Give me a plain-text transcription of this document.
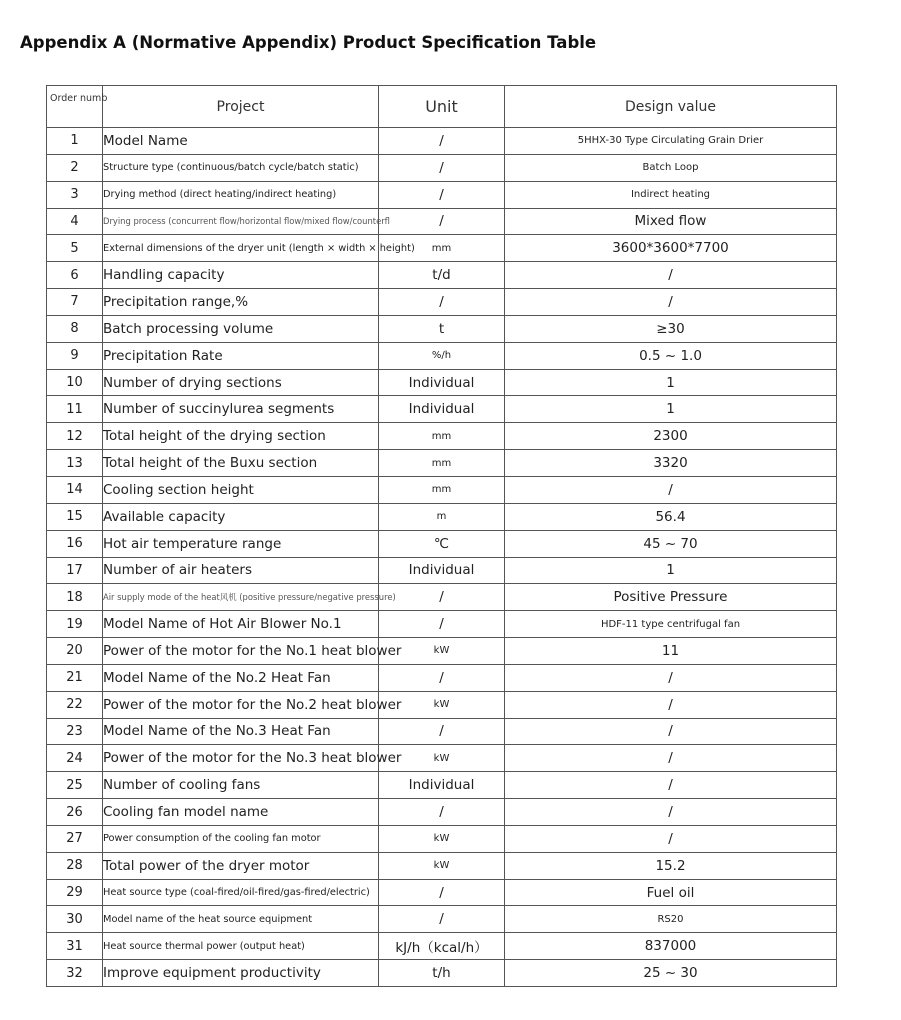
Appendix A (Normative Appendix) Product Specification Table
Order numb	Project	Unit	Design value
1	Model Name	/	5HHX-30 Type Circulating Grain Drier
2	Structure type (continuous/batch cycle/batch static)	/	Batch Loop
3	Drying method (direct heating/indirect heating)	/	Indirect heating
4	Drying process (concurrent flow/horizontal flow/mixed flow/counterfl	/	Mixed flow
5	External dimensions of the dryer unit (length × width × height)	mm	3600*3600*7700
6	Handling capacity	t/d	/
7	Precipitation range,%	/	/
8	Batch processing volume	t	≥30
9	Precipitation Rate	%/h	0.5 ~ 1.0
10	Number of drying sections	Individual	1
11	Number of succinylurea segments	Individual	1
12	Total height of the drying section	mm	2300
13	Total height of the Buxu section	mm	3320
14	Cooling section height	mm	/
15	Available capacity	m	56.4
16	Hot air temperature range	℃	45 ~ 70
17	Number of air heaters	Individual	1
18	Air supply mode of the heat风机 (positive pressure/negative pressure)	/	Positive Pressure
19	Model Name of Hot Air Blower No.1	/	HDF-11 type centrifugal fan
20	Power of the motor for the No.1 heat blower	kW	11
21	Model Name of the No.2 Heat Fan	/	/
22	Power of the motor for the No.2 heat blower	kW	/
23	Model Name of the No.3 Heat Fan	/	/
24	Power of the motor for the No.3 heat blower	kW	/
25	Number of cooling fans	Individual	/
26	Cooling fan model name	/	/
27	Power consumption of the cooling fan motor	kW	/
28	Total power of the dryer motor	kW	15.2
29	Heat source type (coal-fired/oil-fired/gas-fired/electric)	/	Fuel oil
30	Model name of the heat source equipment	/	RS20
31	Heat source thermal power (output heat)	kJ/h（kcal/h）	837000
32	Improve equipment productivity	t/h	25 ~ 30
